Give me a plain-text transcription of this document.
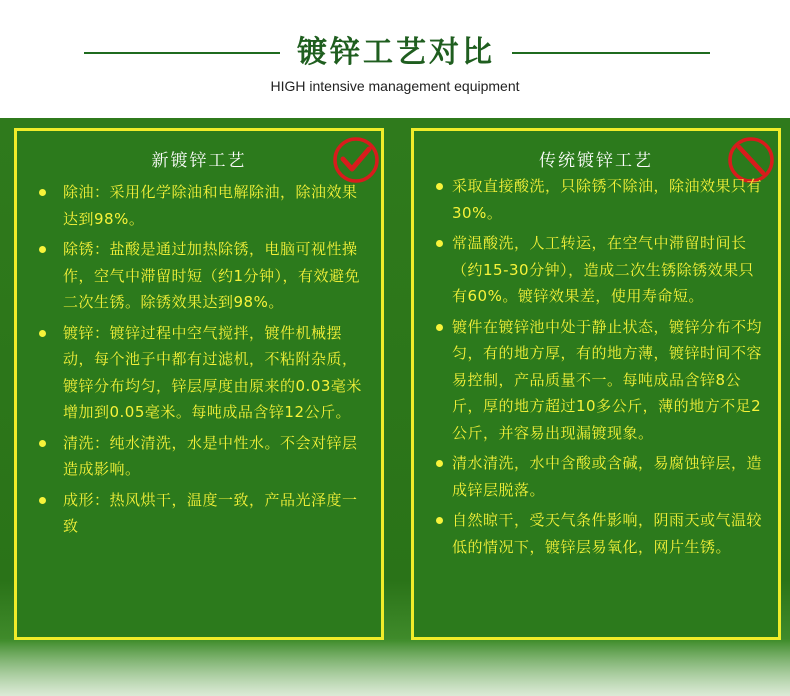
镀锌工艺对比
HIGH intensive management equipment
新镀锌工艺
除油：采用化学除油和电解除油，除油效果达到98%。
除锈：盐酸是通过加热除锈，电脑可视性操作，空气中滞留时短（约1分钟），有效避免二次生锈。除锈效果达到98%。
镀锌：镀锌过程中空气搅拌，镀件机械摆动，每个池子中都有过滤机，不粘附杂质，镀锌分布均匀，锌层厚度由原来的0.03毫米增加到0.05毫米。每吨成品含锌12公斤。
清洗：纯水清洗，水是中性水。不会对锌层造成影响。
成形：热风烘干，温度一致，产品光泽度一致
传统镀锌工艺
采取直接酸洗，只除锈不除油，除油效果只有30%。
常温酸洗，人工转运，在空气中滞留时间长（约15-30分钟），造成二次生锈除锈效果只有60%。镀锌效果差，使用寿命短。
镀件在镀锌池中处于静止状态，镀锌分布不均匀，有的地方厚，有的地方薄，镀锌时间不容易控制，产品质量不一。每吨成品含锌8公斤，厚的地方超过10多公斤，薄的地方不足2公斤，并容易出现漏镀现象。
清水清洗，水中含酸或含碱，易腐蚀锌层，造成锌层脱落。
自然晾干，受天气条件影响，阴雨天或气温较低的情况下，镀锌层易氧化，网片生锈。
